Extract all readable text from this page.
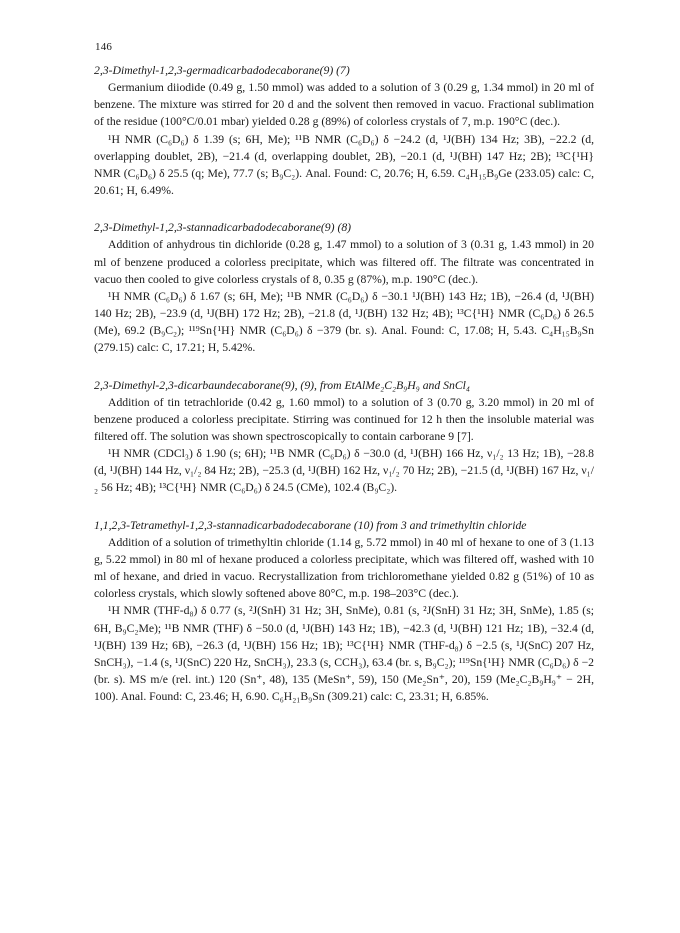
146

2,3-Dimethyl-1,2,3-germadicarbadodecaborane(9) (7)

Germanium diiodide (0.49 g, 1.50 mmol) was added to a solution of 3 (0.29 g, 1.34 mmol) in 20 ml of benzene. The mixture was stirred for 20 d and the solvent then removed in vacuo. Fractional sublimation of the residue (100°C/0.01 mbar) yielded 0.28 g (89%) of colorless crystals of 7, m.p. 190°C (dec.).

¹H NMR (C₆D₆) δ 1.39 (s; 6H, Me); ¹¹B NMR (C₆D₆) δ −24.2 (d, ¹J(BH) 134 Hz; 3B), −22.2 (d, overlapping doublet, 2B), −21.4 (d, overlapping doublet, 2B), −20.1 (d, ¹J(BH) 147 Hz; 2B); ¹³C{¹H} NMR (C₆D₆) δ 25.5 (q; Me), 77.7 (s; B₉C₂). Anal. Found: C, 20.76; H, 6.59. C₄H₁₅B₉Ge (233.05) calc: C, 20.61; H, 6.49%.

2,3-Dimethyl-1,2,3-stannadicarbadodecaborane(9) (8)

Addition of anhydrous tin dichloride (0.28 g, 1.47 mmol) to a solution of 3 (0.31 g, 1.43 mmol) in 20 ml of benzene produced a colorless precipitate, which was filtered off. The filtrate was concentrated in vacuo then cooled to give colorless crystals of 8, 0.35 g (87%), m.p. 190°C (dec.).

¹H NMR (C₆D₆) δ 1.67 (s; 6H, Me); ¹¹B NMR (C₆D₆) δ −30.1 ¹J(BH) 143 Hz; 1B), −26.4 (d, ¹J(BH) 140 Hz; 2B), −23.9 (d, ¹J(BH) 172 Hz; 2B), −21.8 (d, ¹J(BH) 132 Hz; 4B); ¹³C{¹H} NMR (C₆D₆) δ 26.5 (Me), 69.2 (B₉C₂); ¹¹⁹Sn{¹H} NMR (C₆D₆) δ −379 (br. s). Anal. Found: C, 17.08; H, 5.43. C₄H₁₅B₉Sn (279.15) calc: C, 17.21; H, 5.42%.

2,3-Dimethyl-2,3-dicarbaundecaborane(9), (9), from EtAlMe₂C₂B₉H₉ and SnCl₄

Addition of tin tetrachloride (0.42 g, 1.60 mmol) to a solution of 3 (0.70 g, 3.20 mmol) in 20 ml of benzene produced a colorless precipitate. Stirring was continued for 12 h then the insoluble material was filtered off. The solution was shown spectroscopically to contain carborane 9 [7].

¹H NMR (CDCl₃) δ 1.90 (s; 6H); ¹¹B NMR (C₆D₆) δ −30.0 (d, ¹J(BH) 166 Hz, ν₁/₂ 13 Hz; 1B), −28.8 (d, ¹J(BH) 144 Hz, ν₁/₂ 84 Hz; 2B), −25.3 (d, ¹J(BH) 162 Hz, ν₁/₂ 70 Hz; 2B), −21.5 (d, ¹J(BH) 167 Hz, ν₁/₂ 56 Hz; 4B); ¹³C{¹H} NMR (C₆D₆) δ 24.5 (CMe), 102.4 (B₉C₂).

1,1,2,3-Tetramethyl-1,2,3-stannadicarbadodecaborane (10) from 3 and trimethyltin chloride

Addition of a solution of trimethyltin chloride (1.14 g, 5.72 mmol) in 40 ml of hexane to one of 3 (1.13 g, 5.22 mmol) in 80 ml of hexane produced a colorless precipitate, which was filtered off, washed with 10 ml of hexane, and dried in vacuo. Recrystallization from trichloromethane yielded 0.82 g (51%) of 10 as colorless crystals, which slowly softened above 80°C, m.p. 198–203°C (dec.).

¹H NMR (THF-d₈) δ 0.77 (s, ²J(SnH) 31 Hz; 3H, SnMe), 0.81 (s, ²J(SnH) 31 Hz; 3H, SnMe), 1.85 (s; 6H, B₉C₂Me); ¹¹B NMR (THF) δ −50.0 (d, ¹J(BH) 143 Hz; 1B), −42.3 (d, ¹J(BH) 121 Hz; 1B), −32.4 (d, ¹J(BH) 139 Hz; 6B), −26.3 (d, ¹J(BH) 156 Hz; 1B); ¹³C{¹H} NMR (THF-d₈) δ −2.5 (s, ¹J(SnC) 207 Hz, SnCH₃), −1.4 (s, ¹J(SnC) 220 Hz, SnCH₃), 23.3 (s, CCH₃), 63.4 (br. s, B₉C₂); ¹¹⁹Sn{¹H} NMR (C₆D₆) δ −2 (br. s). MS m/e (rel. int.) 120 (Sn⁺, 48), 135 (MeSn⁺, 59), 150 (Me₂Sn⁺, 20), 159 (Me₂C₂B₉H₉⁺ − 2H, 100). Anal. Found: C, 23.46; H, 6.90. C₆H₂₁B₉Sn (309.21) calc: C, 23.31; H, 6.85%.
